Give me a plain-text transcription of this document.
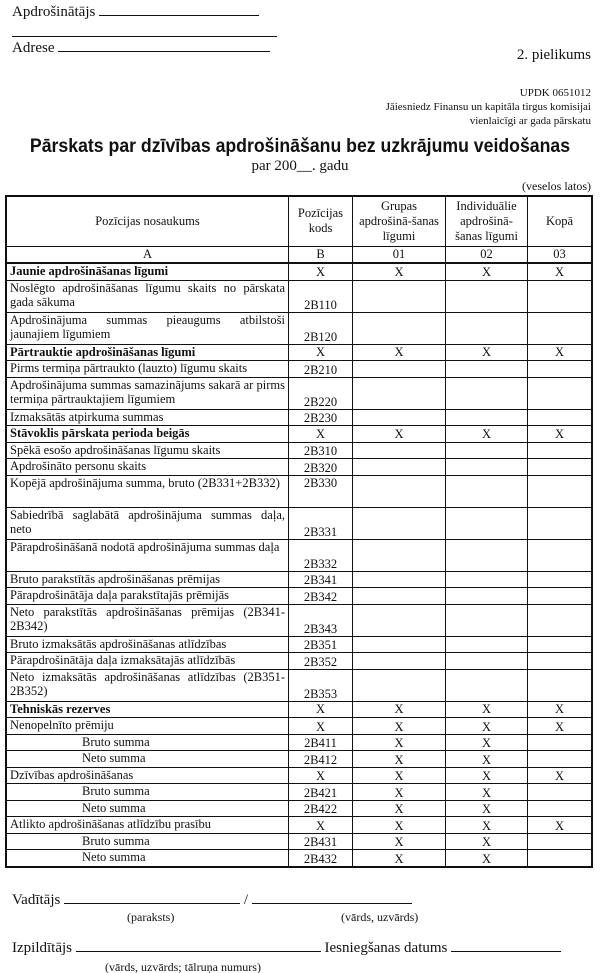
Apdrošinātājs
Adrese	2. pielikums
UPDK 0651012
Jāiesniedz Finansu un kapitāla tirgus komisijai
vienlaicīgi ar gada pārskatu
Pārskats par dzīvības apdrošināšanu bez uzkrājumu veidošanas
par 200__. gadu
(veselos latos)
Pozīcijas nosaukums	Pozīcijas kods	Grupas apdrošinā-šanas līgumi	Individuālie apdrošinā-šanas līgumi	Kopā
A	B	01	02	03
Jaunie apdrošināšanas līgumi	X	X	X	X
Noslēgto apdrošināšanas līgumu skaits no pārskata gada sākuma	2B110			
Apdrošinājuma summas pieaugums atbilstoši jaunajiem līgumiem	2B120			
Pārtrauktie apdrošināšanas līgumi	X	X	X	X
Pirms termiņa pārtraukto (lauzto) līgumu skaits	2B210			
Apdrošinājuma summas samazinājums sakarā ar pirms termiņa pārtrauktajiem līgumiem	2B220			
Izmaksātās atpirkuma summas	2B230			
Stāvoklis pārskata perioda beigās	X	X	X	X
Spēkā esošo apdrošināšanas līgumu skaits	2B310			
Apdrošināto personu skaits	2B320			
Kopējā apdrošinājuma summa, bruto (2B331+2B332)	2B330			
Sabiedrībā saglabātā apdrošinājuma summas daļa, neto	2B331			
Pārapdrošināšanā nodotā apdrošinājuma summas daļa	2B332			
Bruto parakstītās apdrošināšanas prēmijas	2B341			
Pārapdrošinātāja daļa parakstītajās prēmijās	2B342			
Neto parakstītās apdrošināšanas prēmijas (2B341-2B342)	2B343			
Bruto izmaksātās apdrošināšanas atlīdzības	2B351			
Pārapdrošinātāja daļa izmaksātajās atlīdzībās	2B352			
Neto izmaksātās apdrošināšanas atlīdzības (2B351-2B352)	2B353			
Tehniskās rezerves	X	X	X	X
Nenopelnīto prēmiju	X	X	X	X
Bruto summa	2B411	X	X	
Neto summa	2B412	X	X	
Dzīvības apdrošināšanas	X	X	X	X
Bruto summa	2B421	X	X	
Neto summa	2B422	X	X	
Atlikto apdrošināšanas atlīdzību prasību	X	X	X	X
Bruto summa	2B431	X	X	
Neto summa	2B432	X	X	
Vadītājs	/
(paraksts)	(vārds, uzvārds)
Izpildītājs	Iesniegšanas datums
(vārds, uzvārds; tālruņa numurs)
